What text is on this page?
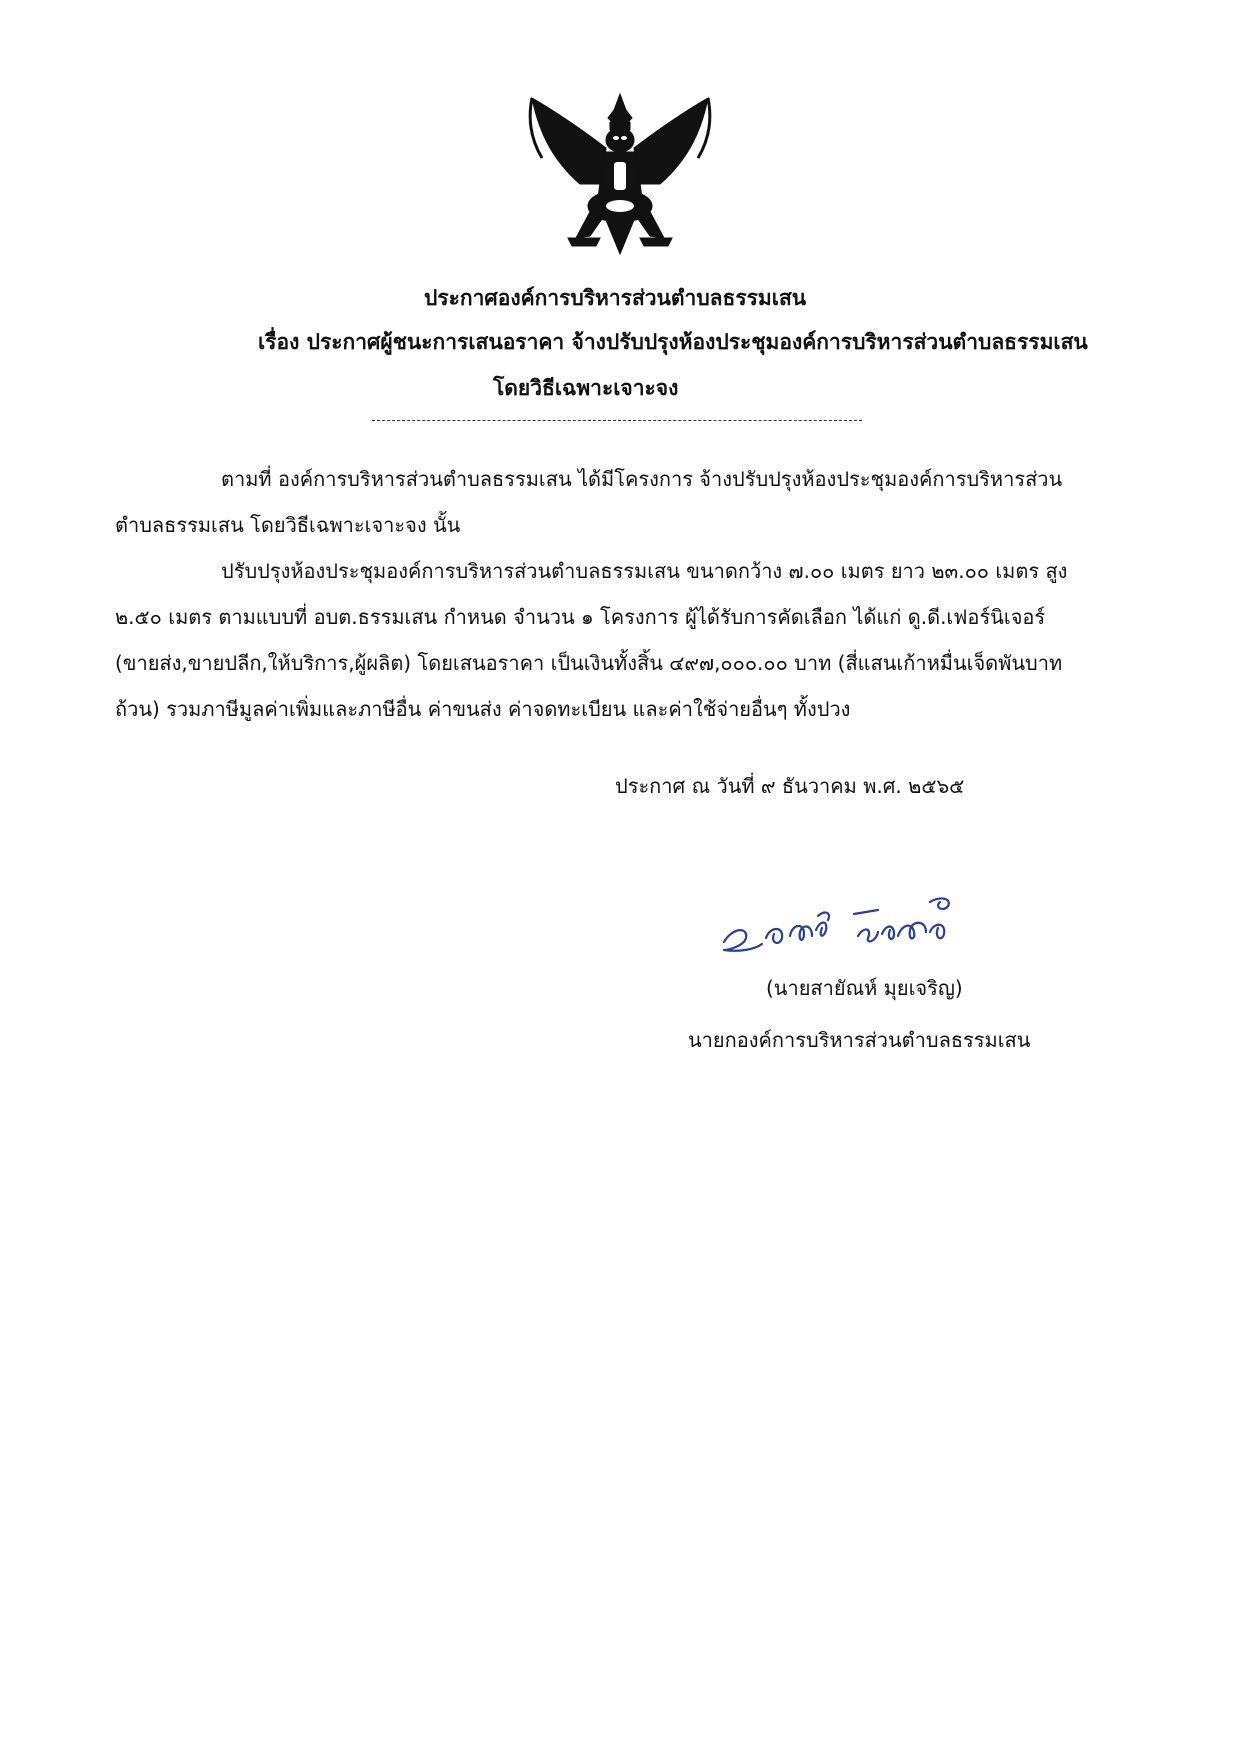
ประกาศองค์การบริหารส่วนตำบลธรรมเสน
เรื่อง ประกาศผู้ชนะการเสนอราคา จ้างปรับปรุงห้องประชุมองค์การบริหารส่วนตำบลธรรมเสน
โดยวิธีเฉพาะเจาะจง
ตามที่ องค์การบริหารส่วนตำบลธรรมเสน ได้มีโครงการ จ้างปรับปรุงห้องประชุมองค์การบริหารส่วน
ตำบลธรรมเสน โดยวิธีเฉพาะเจาะจง นั้น
ปรับปรุงห้องประชุมองค์การบริหารส่วนตำบลธรรมเสน ขนาดกว้าง ๗.๐๐ เมตร ยาว ๒๓.๐๐ เมตร สูง
๒.๕๐ เมตร ตามแบบที่ อบต.ธรรมเสน กำหนด จำนวน ๑ โครงการ ผู้ได้รับการคัดเลือก ได้แก่ ดู.ดี.เฟอร์นิเจอร์
(ขายส่ง,ขายปลีก,ให้บริการ,ผู้ผลิต) โดยเสนอราคา เป็นเงินทั้งสิ้น ๔๙๗,๐๐๐.๐๐ บาท (สี่แสนเก้าหมื่นเจ็ดพันบาท
ถ้วน) รวมภาษีมูลค่าเพิ่มและภาษีอื่น ค่าขนส่ง ค่าจดทะเบียน และค่าใช้จ่ายอื่นๆ ทั้งปวง
ประกาศ ณ วันที่ ๙ ธันวาคม พ.ศ. ๒๕๖๕
(นายสายัณห์ มุยเจริญ)
นายกองค์การบริหารส่วนตำบลธรรมเสน
